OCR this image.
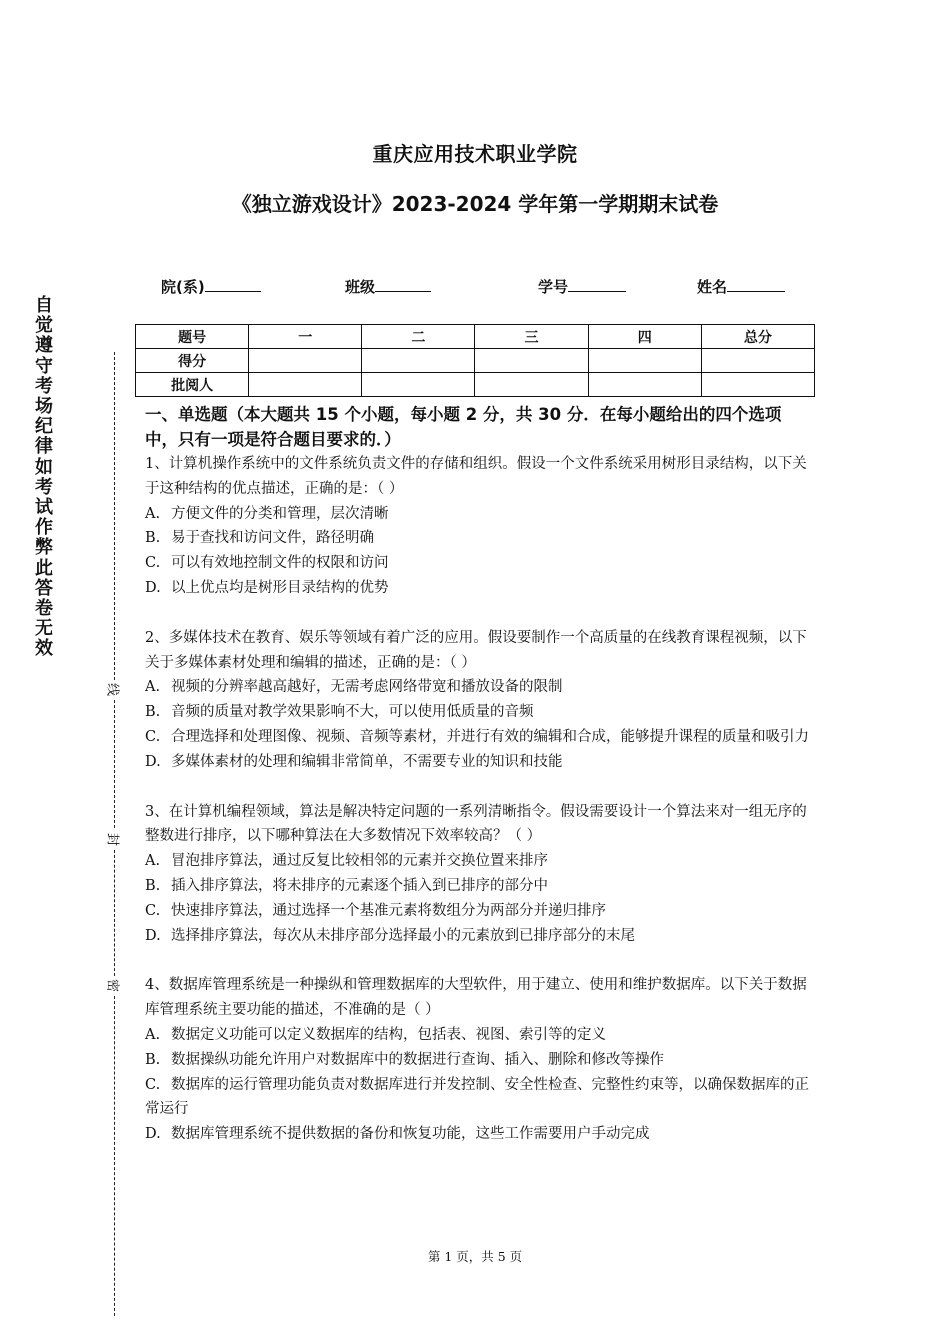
重庆应用技术职业学院
《独立游戏设计》2023-2024 学年第一学期期末试卷
院(系)	班级	学号	姓名
题号	一	二	三	四	总分
得分					
批阅人					
自觉遵守考场纪律如考试作弊此答卷无效
线
封
密

一、单选题（本大题共 15 个小题，每小题 2 分，共 30 分．在每小题给出的四个选项中，只有一项是符合题目要求的．）

1、计算机操作系统中的文件系统负责文件的存储和组织。假设一个文件系统采用树形目录结构，以下关于这种结构的优点描述，正确的是：（ ）

A. 方便文件的分类和管理，层次清晰

B. 易于查找和访问文件，路径明确

C. 可以有效地控制文件的权限和访问

D. 以上优点均是树形目录结构的优势

2、多媒体技术在教育、娱乐等领域有着广泛的应用。假设要制作一个高质量的在线教育课程视频，以下关于多媒体素材处理和编辑的描述，正确的是：（ ）

A. 视频的分辨率越高越好，无需考虑网络带宽和播放设备的限制

B. 音频的质量对教学效果影响不大，可以使用低质量的音频

C. 合理选择和处理图像、视频、音频等素材，并进行有效的编辑和合成，能够提升课程的质量和吸引力

D. 多媒体素材的处理和编辑非常简单，不需要专业的知识和技能

3、在计算机编程领域，算法是解决特定问题的一系列清晰指令。假设需要设计一个算法来对一组无序的整数进行排序，以下哪种算法在大多数情况下效率较高？（ ）

A. 冒泡排序算法，通过反复比较相邻的元素并交换位置来排序

B. 插入排序算法，将未排序的元素逐个插入到已排序的部分中

C. 快速排序算法，通过选择一个基准元素将数组分为两部分并递归排序

D. 选择排序算法，每次从未排序部分选择最小的元素放到已排序部分的末尾

4、数据库管理系统是一种操纵和管理数据库的大型软件，用于建立、使用和维护数据库。以下关于数据库管理系统主要功能的描述，不准确的是（ ）

A. 数据定义功能可以定义数据库的结构，包括表、视图、索引等的定义

B. 数据操纵功能允许用户对数据库中的数据进行查询、插入、删除和修改等操作

C. 数据库的运行管理功能负责对数据库进行并发控制、安全性检查、完整性约束等，以确保数据库的正常运行

D. 数据库管理系统不提供数据的备份和恢复功能，这些工作需要用户手动完成

第 1 页，共 5 页
